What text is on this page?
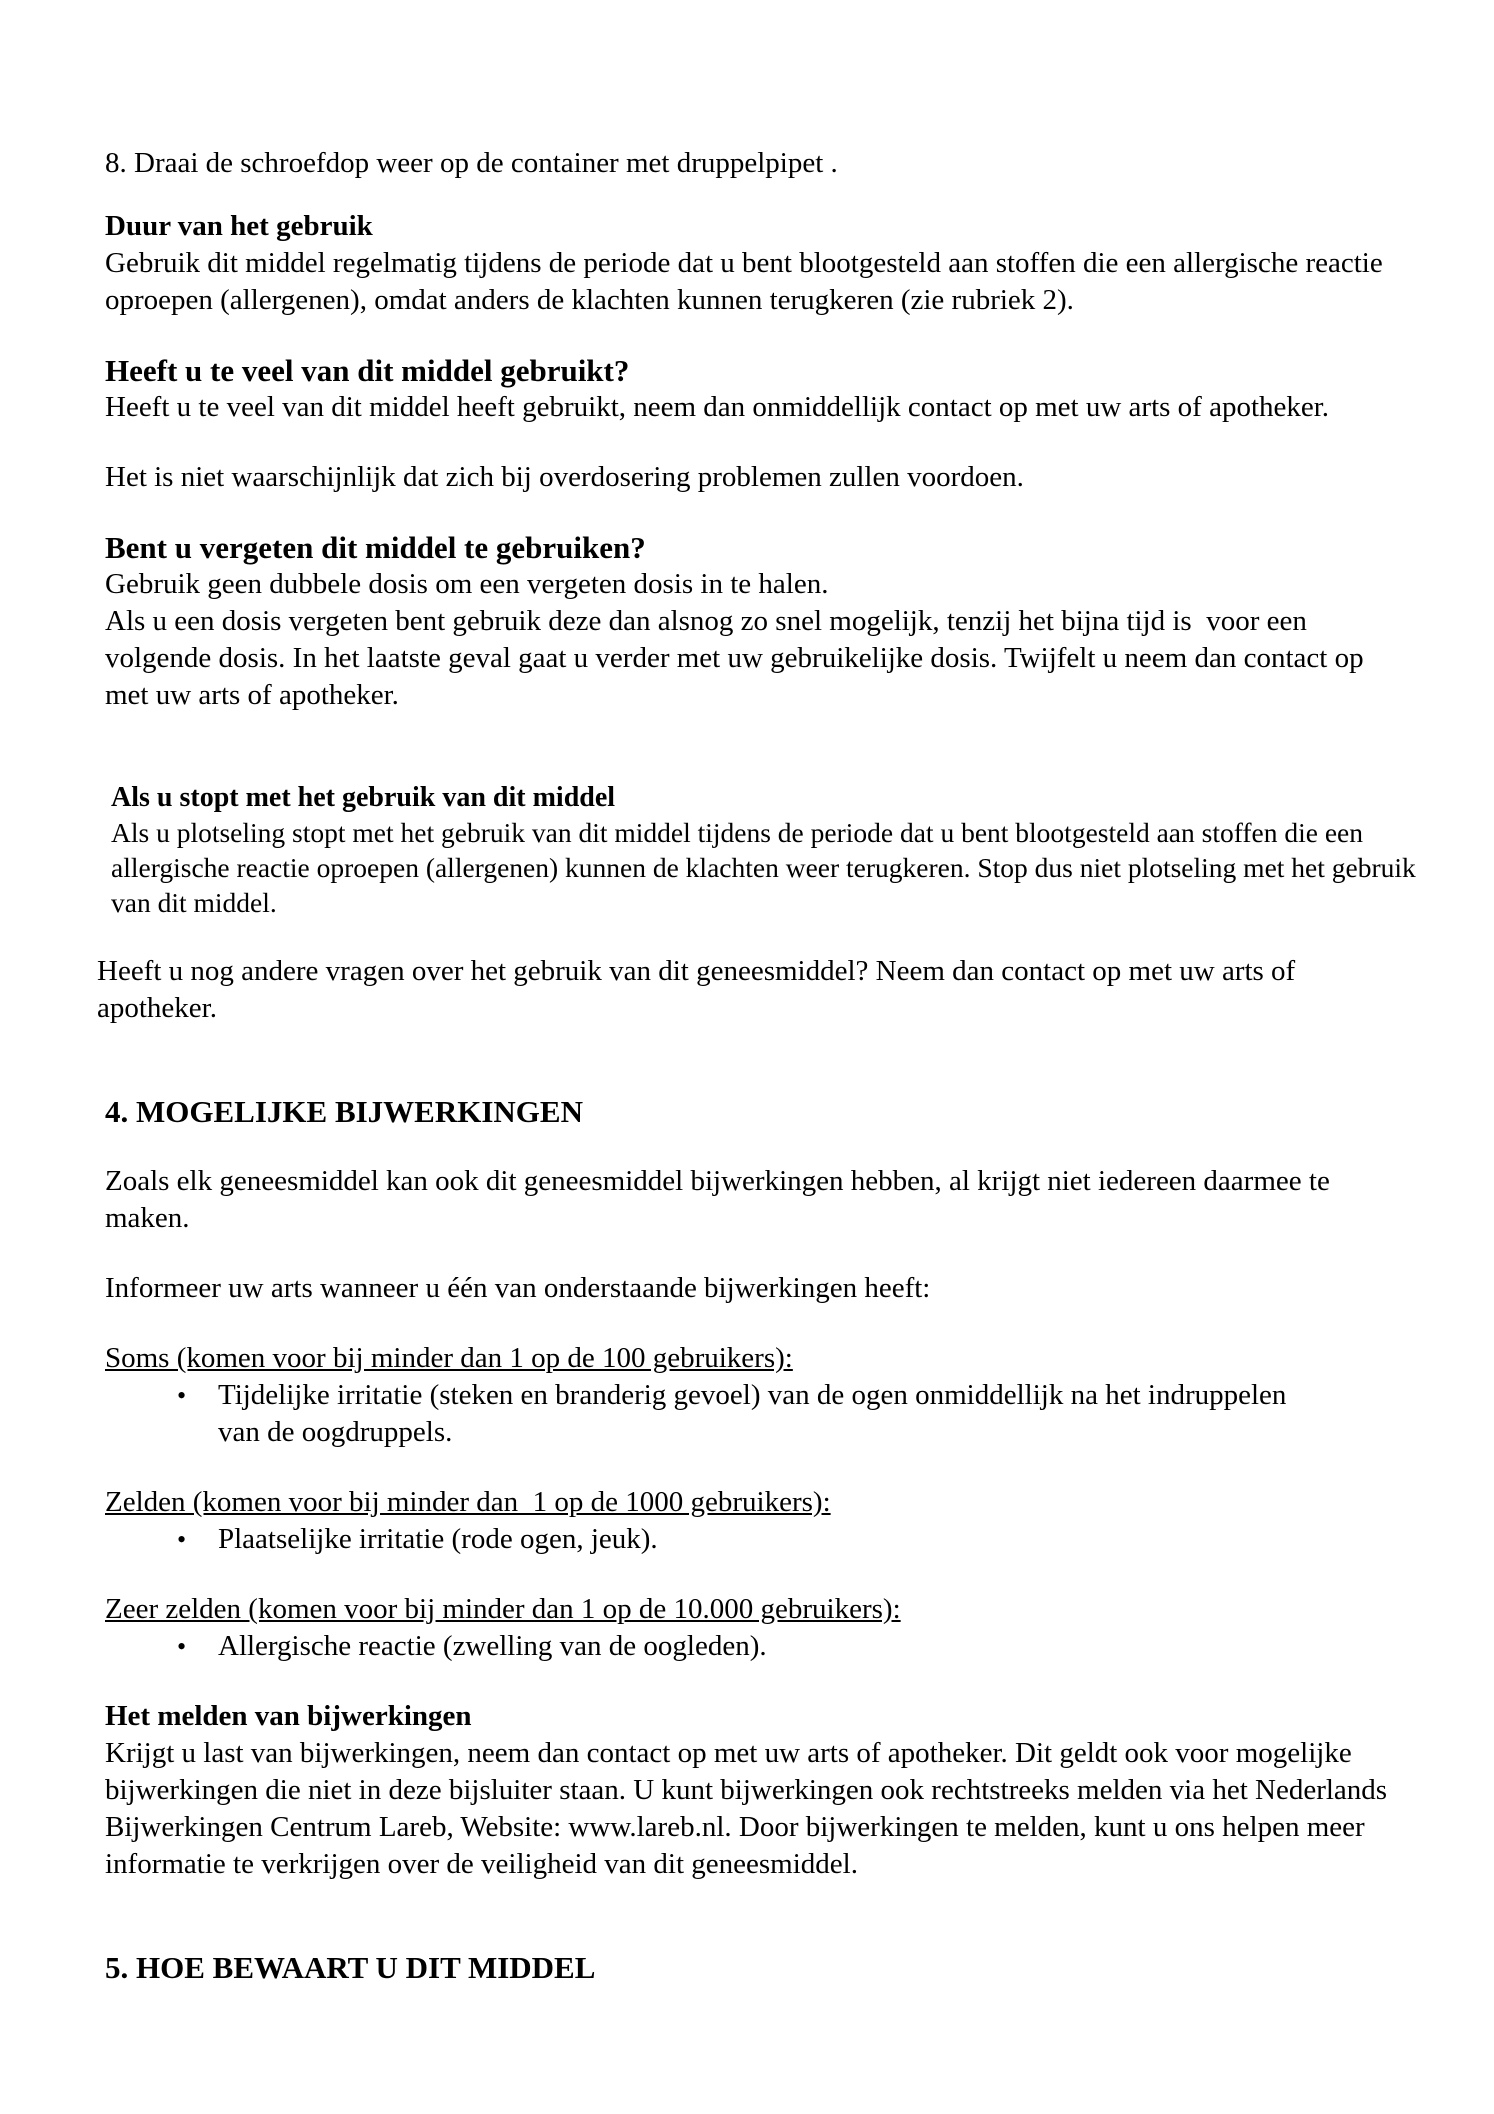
8. Draai de schroefdop weer op de container met druppelpipet .

Duur van het gebruik

Gebruik dit middel regelmatig tijdens de periode dat u bent blootgesteld aan stoffen die een allergische reactie oproepen (allergenen), omdat anders de klachten kunnen terugkeren (zie rubriek 2).

Heeft u te veel van dit middel gebruikt?

Heeft u te veel van dit middel heeft gebruikt, neem dan onmiddellijk contact op met uw arts of apotheker.

Het is niet waarschijnlijk dat zich bij overdosering problemen zullen voordoen.

Bent u vergeten dit middel te gebruiken?

Gebruik geen dubbele dosis om een vergeten dosis in te halen.

Als u een dosis vergeten bent gebruik deze dan alsnog zo snel mogelijk, tenzij het bijna tijd is  voor een volgende dosis. In het laatste geval gaat u verder met uw gebruikelijke dosis. Twijfelt u neem dan contact op met uw arts of apotheker.

Als u stopt met het gebruik van dit middel

Als u plotseling stopt met het gebruik van dit middel tijdens de periode dat u bent blootgesteld aan stoffen die een allergische reactie oproepen (allergenen) kunnen de klachten weer terugkeren. Stop dus niet plotseling met het gebruik van dit middel.

Heeft u nog andere vragen over het gebruik van dit geneesmiddel? Neem dan contact op met uw arts of apotheker.

4. MOGELIJKE BIJWERKINGEN

Zoals elk geneesmiddel kan ook dit geneesmiddel bijwerkingen hebben, al krijgt niet iedereen daarmee te maken.

Informeer uw arts wanneer u één van onderstaande bijwerkingen heeft:

Soms (komen voor bij minder dan 1 op de 100 gebruikers):

•	Tijdelijke irritatie (steken en branderig gevoel) van de ogen onmiddellijk na het indruppelen van de oogdruppels.

Zelden (komen voor bij minder dan  1 op de 1000 gebruikers):

•	Plaatselijke irritatie (rode ogen, jeuk).

Zeer zelden (komen voor bij minder dan 1 op de 10.000 gebruikers):

•	Allergische reactie (zwelling van de oogleden).
Het melden van bijwerkingen

Krijgt u last van bijwerkingen, neem dan contact op met uw arts of apotheker. Dit geldt ook voor mogelijke bijwerkingen die niet in deze bijsluiter staan. U kunt bijwerkingen ook rechtstreeks melden via het Nederlands Bijwerkingen Centrum Lareb, Website: www.lareb.nl. Door bijwerkingen te melden, kunt u ons helpen meer informatie te verkrijgen over de veiligheid van dit geneesmiddel.

5. HOE BEWAART U DIT MIDDEL
